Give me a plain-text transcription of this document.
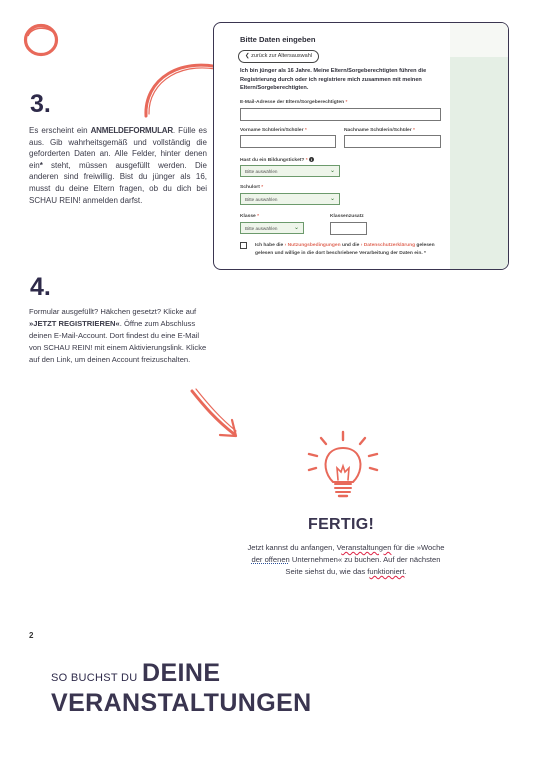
3.
Es erscheint ein ANMELDEFORMULAR. Fülle es aus. Gib wahrheitsgemäß und vollständig die geforderten Daten an. Alle Felder, hinter denen ein* steht, müssen ausgefüllt werden. Die anderen sind freiwillig. Bist du jünger als 16, musst du deine Eltern fragen, ob du dich bei SCHAU REIN! anmelden darfst.
4.
Formular ausgefüllt? Häkchen gesetzt? Klicke auf »JETZT REGISTRIEREN«. Öffne zum Abschluss deinen E-Mail-Account. Dort findest du eine E-Mail von SCHAU REIN! mit einem Aktivierungslink. Klicke auf den Link, um deinen Account freizuschalten.
Bitte Daten eingeben
❮ zurück zur Altersauswahl
Ich bin jünger als 16 Jahre. Meine Eltern/Sorgeberechtigten führen die Registrierung durch oder ich registriere mich zusammen mit meinen Eltern/Sorgeberechtigten.
E-Mail-Adresse der Eltern/Sorgeberechtigten *
Vorname Schülerin/Schüler *	Nachname Schülerin/Schüler *
Hast du ein Bildungsticket? * i
Bitte auswählen	⌄
Schulort *
Bitte auswählen	⌄
Klasse *
Bitte auswählen	⌄
Klassenzusatz
Ich habe die › Nutzungsbedingungen und die › Datenschutzerklärung gelesen gelesen und willige in die dort beschriebene Verarbeitung der Daten ein. *
FERTIG!
Jetzt kannst du anfangen, Veranstaltungen für die »Woche der offenen Unternehmen« zu buchen. Auf der nächsten Seite siehst du, wie das funktioniert.
2
SO BUCHST DU DEINE
VERANSTALTUNGEN
